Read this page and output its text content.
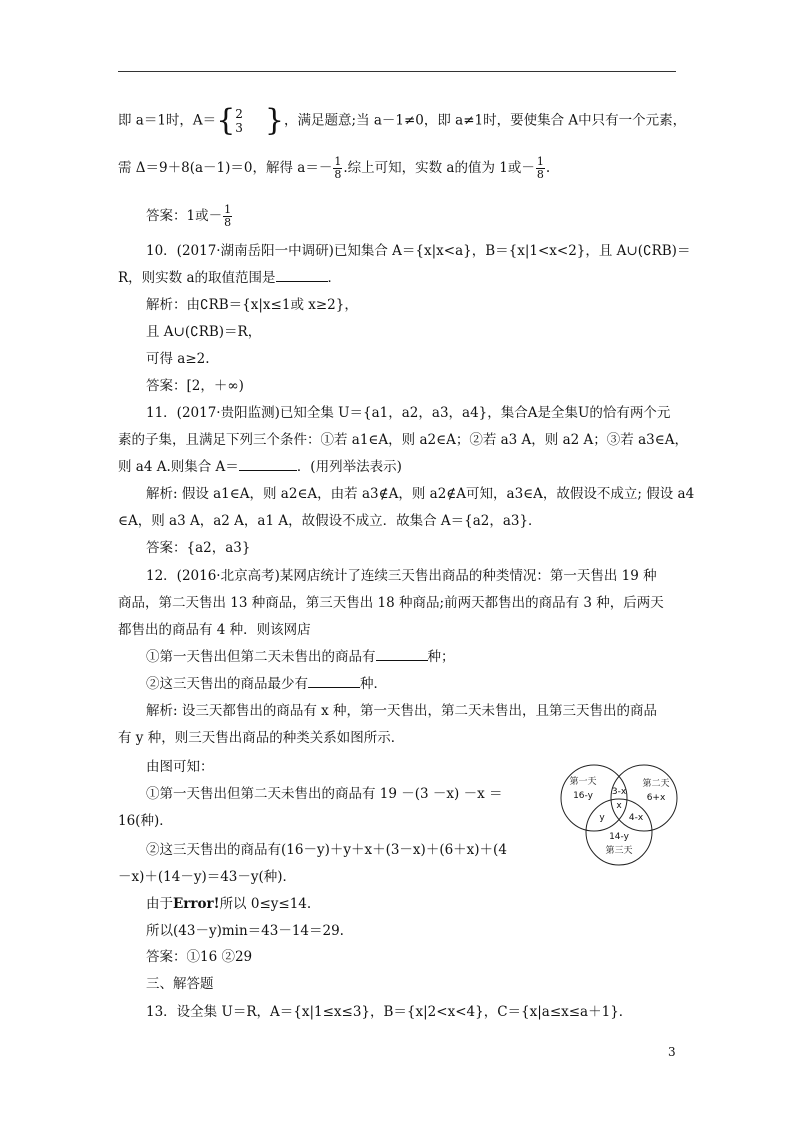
即 a＝1时，A＝{ 2
3 }，满足题意;当 a－1≠0，即 a≠1时，要使集合 A中只有一个元素，
需 Δ＝9＋8(a－1)＝0，解得 $a=- \frac{1}{8}$ .综上可知，实数 a的值为 1或－ $\frac{1}{8}$ .
答案：1或－ $\frac{1}{8}$
10．(2017·湖南岳阳一中调研)已知集合 A＝{x|x<a}，B＝{x|1<x<2}，且 A∪(∁RB)＝
R，则实数 a的取值范围是	．
解析：由∁RB＝{x|x≤1或 x≥2}，
且 A∪(∁RB)＝R，
可得 a≥2.
答案：[2，＋∞)
11．(2017·贵阳监测)已知全集 U＝{a1，a2，a3，a4}，集合A是全集U的恰有两个元
素的子集，且满足下列三个条件：①若 a1∈A，则 a2∈A；②若 a3 A，则 a2 A；③若 a3∈A，
则 a4 A.则集合 A＝	．(用列举法表示)
解析: 假设 a1∈A，则 a2∈A，由若 a3∉A，则 a2∉A可知，a3∈A，故假设不成立; 假设 a4
∈A，则 a3 A，a2 A，a1 A，故假设不成立．故集合 A＝{a2，a3}．
答案：{a2，a3}
12．(2016·北京高考)某网店统计了连续三天售出商品的种类情况：第一天售出 19 种
商品，第二天售出 13 种商品，第三天售出 18 种商品;前两天都售出的商品有 3 种，后两天
都售出的商品有 4 种．则该网店
①第一天售出但第二天未售出的商品有	种；
②这三天售出的商品最少有	种．
解析: 设三天都售出的商品有 x 种，第一天售出，第二天未售出，且第三天售出的商品
有 y 种，则三天售出商品的种类关系如图所示．
由图可知：
①第一天售出但第二天未售出的商品有 19 －(3 －x) －x ＝
16(种)．
②这三天售出的商品有(16－y)＋y＋x＋(3－x)＋(6＋x)＋(4
－x)＋(14－y)＝43－y(种)．
由于Error!所以 0≤y≤14.
所以(43－y)min＝43－14＝29.
答案：①16 ②29
三、解答题
13．设全集 U＝R，A＝{x|1≤x≤3}，B＝{x|2<x<4}，C＝{x|a≤x≤a＋1}．
第一天
16-y
第二天
6+x
3-x
x
y	4-x
14-y
第三天
3
